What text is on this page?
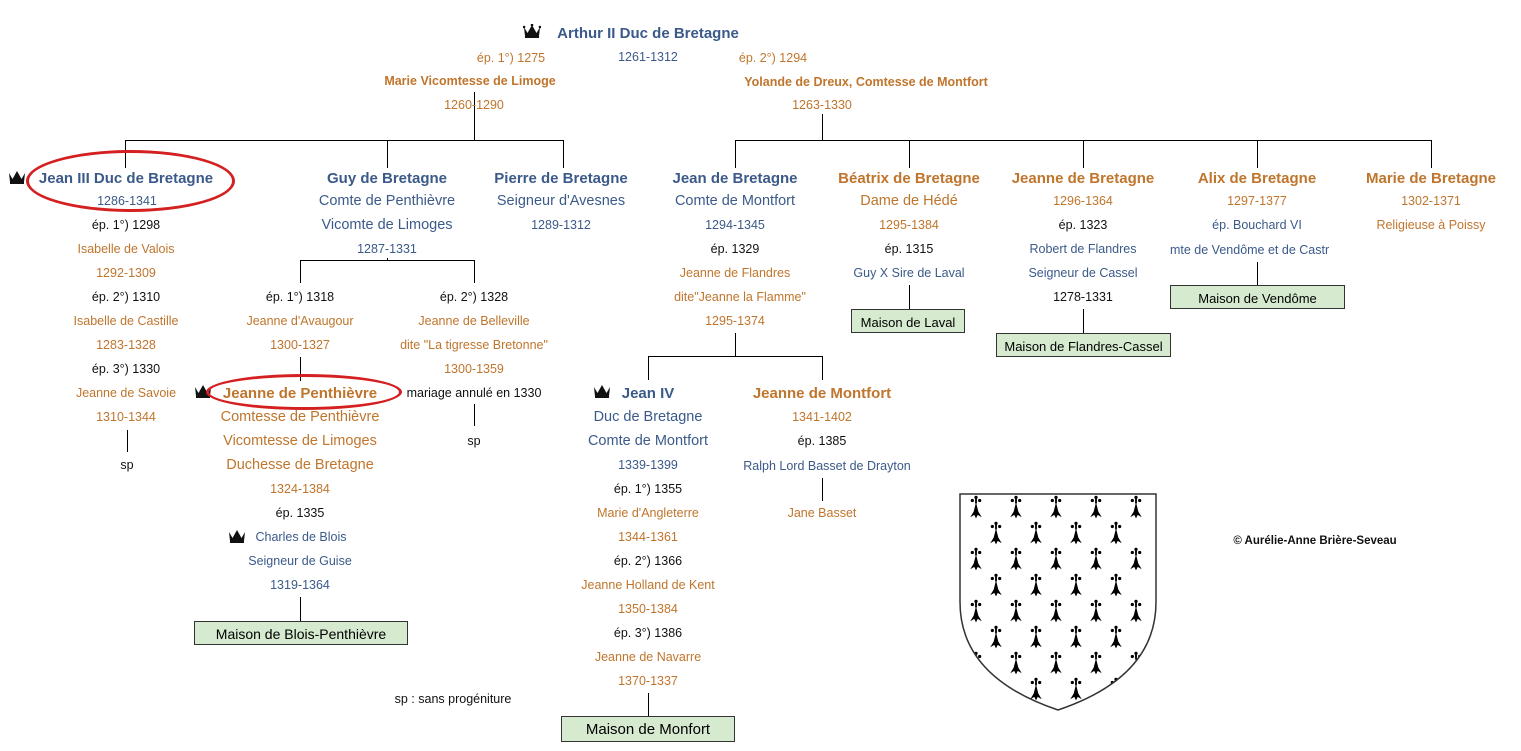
Arthur II Duc de Bretagne
1261-1312
ép. 1°) 1275
Marie Vicomtesse de Limoge
1260-1290
ép. 2°) 1294
Yolande de Dreux, Comtesse de Montfort
1263-1330
Jean III Duc de Bretagne
1286-1341
ép. 1°) 1298
Isabelle de Valois
1292-1309
ép. 2°) 1310
Isabelle de Castille
1283-1328
ép. 3°) 1330
Jeanne de Savoie
1310-1344
sp
Guy de Bretagne
Comte de Penthièvre
Vicomte de Limoges
1287-1331
ép. 1°) 1318
Jeanne d'Avaugour
1300-1327
ép. 2°) 1328
Jeanne de Belleville
dite "La tigresse Bretonne"
1300-1359
mariage annulé en 1330
sp
Jeanne de Penthièvre
Comtesse de Penthièvre
Vicomtesse de Limoges
Duchesse de Bretagne
1324-1384
ép. 1335
Charles de Blois
Seigneur de Guise
1319-1364
Maison de Blois-Penthièvre
Pierre de Bretagne
Seigneur d'Avesnes
1289-1312
Jean de Bretagne
Comte de Montfort
1294-1345
ép. 1329
Jeanne de Flandres
dite"Jeanne la Flamme"
1295-1374
Jean IV
Duc de Bretagne
Comte de Montfort
1339-1399
ép. 1°) 1355
Marie d'Angleterre
1344-1361
ép. 2°) 1366
Jeanne Holland de Kent
1350-1384
ép. 3°) 1386
Jeanne de Navarre
1370-1337
Maison de Monfort
Jeanne de Montfort
1341-1402
ép. 1385
Ralph Lord Basset de Drayton
Jane Basset
Béatrix de Bretagne
Dame de Hédé
1295-1384
ép. 1315
Guy X Sire de Laval
Maison de Laval
Jeanne de Bretagne
1296-1364
ép. 1323
Robert de Flandres
Seigneur de Cassel
1278-1331
Maison de Flandres-Cassel
Alix de Bretagne
1297-1377
ép. Bouchard VI
mte de Vendôme et de Castr
Maison de Vendôme
Marie de Bretagne
1302-1371
Religieuse à Poissy
sp : sans progéniture
© Aurélie-Anne Brière-Seveau
